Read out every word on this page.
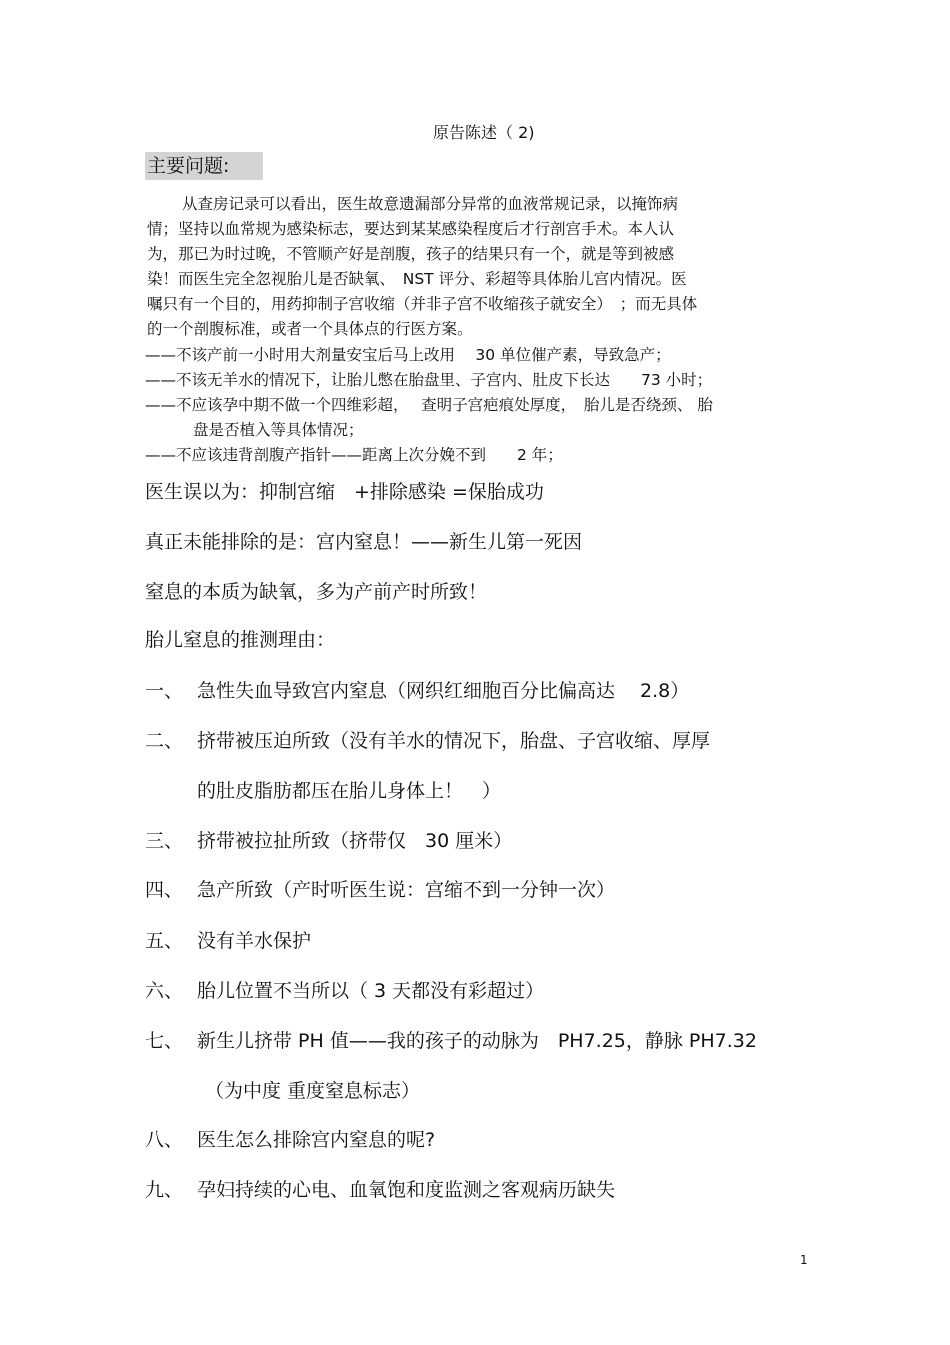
原告陈述（ 2)
主要问题:
从查房记录可以看出，医生故意遗漏部分异常的血液常规记录，以掩饰病
情；坚持以血常规为感染标志，要达到某某感染程度后才行剖宫手术。本人认
为，那已为时过晚，不管顺产好是剖腹，孩子的结果只有一个，就是等到被感
染！而医生完全忽视胎儿是否缺氧、　NST 评分、彩超等具体胎儿宫内情况。医
嘱只有一个目的，用药抑制子宫收缩（并非子宫不收缩孩子就安全）　；而无具体
的一个剖腹标准，或者一个具体点的行医方案。
——不该产前一小时用大剂量安宝后马上改用　 30 单位催产素，导致急产；
——不该无羊水的情况下，让胎儿憋在胎盘里、子宫内、肚皮下长达　　73 小时；
——不应该孕中期不做一个四维彩超，　 查明子宫疤痕处厚度，　胎儿是否绕颈、 胎
盘是否植入等具体情况；
——不应该违背剖腹产指针——距离上次分娩不到　　2 年；
医生误以为：抑制宫缩　+排除感染 =保胎成功
真正未能排除的是：宫内窒息！——新生儿第一死因
窒息的本质为缺氧，多为产前产时所致！
胎儿窒息的推测理由：
一、 急性失血导致宫内窒息（网织红细胞百分比偏高达　 2.8）
二、 挤带被压迫所致（没有羊水的情况下，胎盘、子宫收缩、厚厚
的肚皮脂肪都压在胎儿身体上！　）
三、 挤带被拉扯所致（挤带仅　30 厘米）
四、 急产所致（产时听医生说：宫缩不到一分钟一次）
五、 没有羊水保护
六、 胎儿位置不当所以（ 3 天都没有彩超过）
七、 新生儿挤带 PH 值——我的孩子的动脉为　PH7.25，静脉 PH7.32
（为中度 重度窒息标志）
八、 医生怎么排除宫内窒息的呢?
九、 孕妇持续的心电、血氧饱和度监测之客观病历缺失
1
